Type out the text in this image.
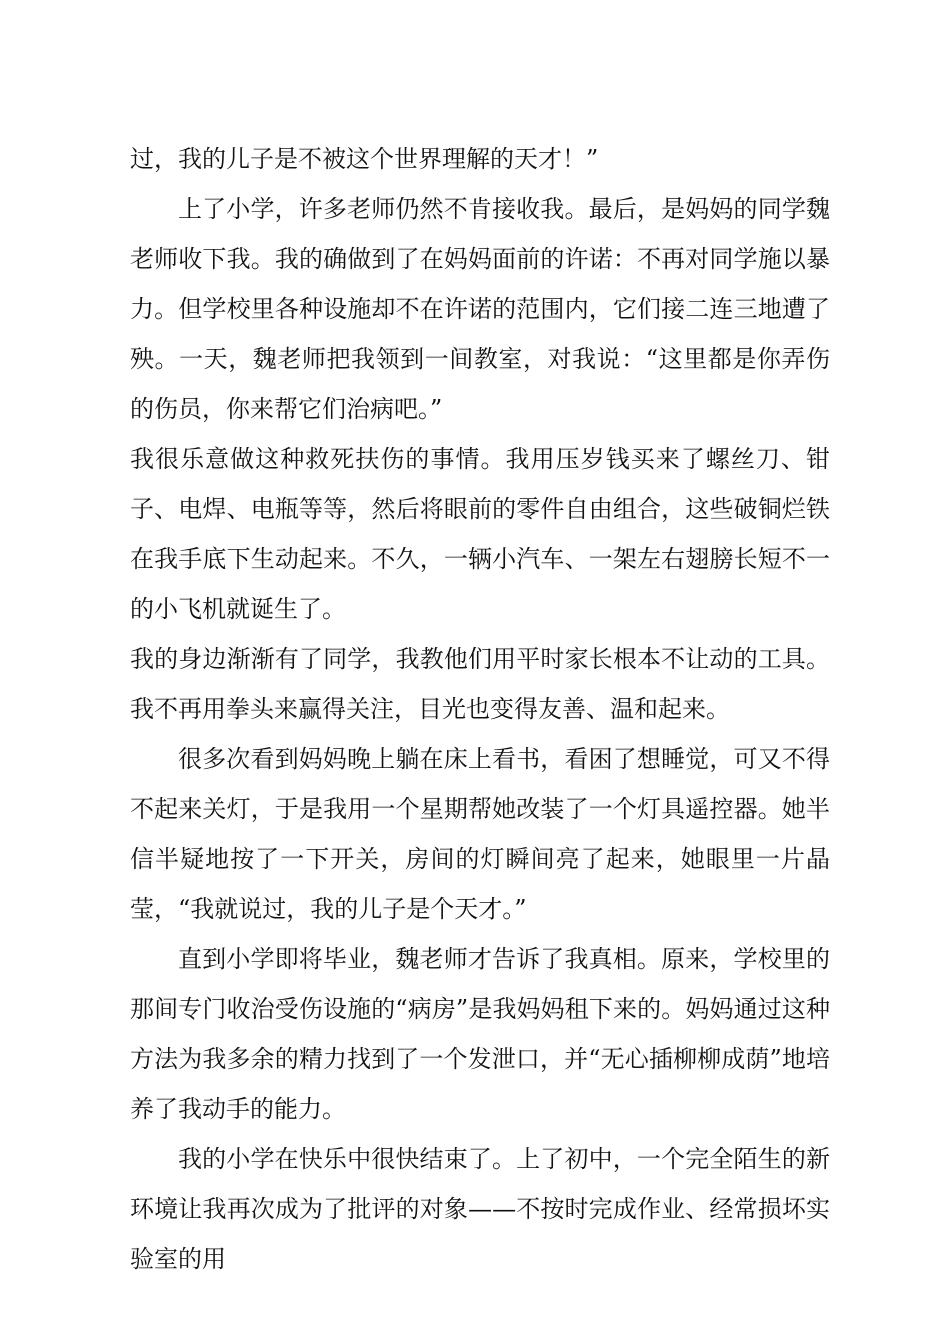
过，我的儿子是不被这个世界理解的天才！”

上了小学，许多老师仍然不肯接收我。最后，是妈妈的同学魏老师收下我。我的确做到了在妈妈面前的许诺：不再对同学施以暴力。但学校里各种设施却不在许诺的范围内，它们接二连三地遭了殃。一天，魏老师把我领到一间教室，对我说：“这里都是你弄伤的伤员，你来帮它们治病吧。”

我很乐意做这种救死扶伤的事情。我用压岁钱买来了螺丝刀、钳子、电焊、电瓶等等，然后将眼前的零件自由组合，这些破铜烂铁在我手底下生动起来。不久，一辆小汽车、一架左右翅膀长短不一的小飞机就诞生了。

我的身边渐渐有了同学，我教他们用平时家长根本不让动的工具。我不再用拳头来赢得关注，目光也变得友善、温和起来。

很多次看到妈妈晚上躺在床上看书，看困了想睡觉，可又不得不起来关灯，于是我用一个星期帮她改装了一个灯具遥控器。她半信半疑地按了一下开关，房间的灯瞬间亮了起来，她眼里一片晶莹，“我就说过，我的儿子是个天才。”

直到小学即将毕业，魏老师才告诉了我真相。原来，学校里的那间专门收治受伤设施的“病房”是我妈妈租下来的。妈妈通过这种方法为我多余的精力找到了一个发泄口，并“无心插柳柳成荫”地培养了我动手的能力。

我的小学在快乐中很快结束了。上了初中，一个完全陌生的新环境让我再次成为了批评的对象——不按时完成作业、经常损坏实验室的用
